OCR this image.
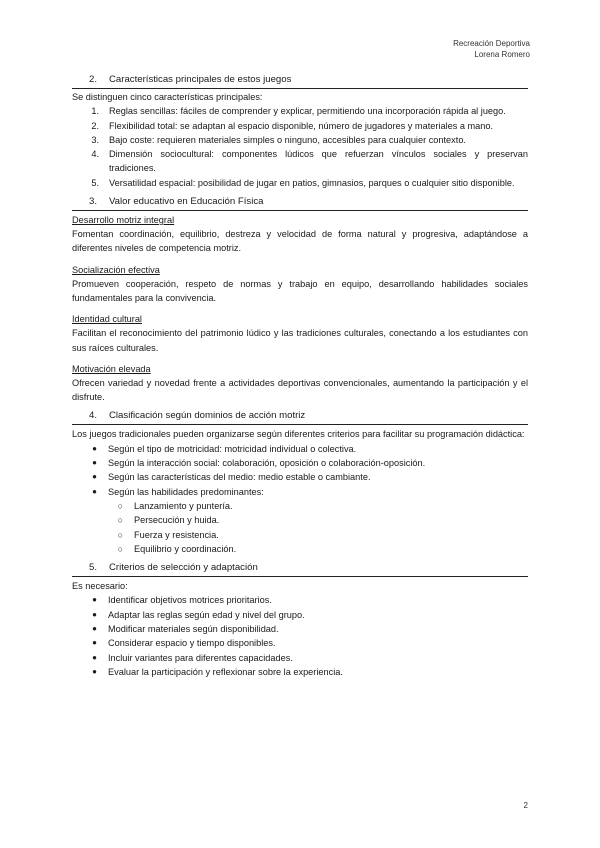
Recreación Deportiva
Lorena Romero
2. Características principales de estos juegos

Se distinguen cinco características principales:

1.	Reglas sencillas: fáciles de comprender y explicar, permitiendo una incorporación rápida al juego.
2.	Flexibilidad total: se adaptan al espacio disponible, número de jugadores y materiales a mano.
3.	Bajo coste: requieren materiales simples o ninguno, accesibles para cualquier contexto.
4.	Dimensión sociocultural: componentes lúdicos que refuerzan vínculos sociales y preservan tradiciones.
5.	Versatilidad espacial: posibilidad de jugar en patios, gimnasios, parques o cualquier sitio disponible.
3. Valor educativo en Educación Física
Desarrollo motriz integral

Fomentan coordinación, equilibrio, destreza y velocidad de forma natural y progresiva, adaptándose a diferentes niveles de competencia motriz.

Socialización efectiva

Promueven cooperación, respeto de normas y trabajo en equipo, desarrollando habilidades sociales fundamentales para la convivencia.

Identidad cultural

Facilitan el reconocimiento del patrimonio lúdico y las tradiciones culturales, conectando a los estudiantes con sus raíces culturales.

Motivación elevada

Ofrecen variedad y novedad frente a actividades deportivas convencionales, aumentando la participación y el disfrute.

4. Clasificación según dominios de acción motriz

Los juegos tradicionales pueden organizarse según diferentes criterios para facilitar su programación didáctica:

●	Según el tipo de motricidad: motricidad individual o colectiva.
●	Según la interacción social: colaboración, oposición o colaboración-oposición.
●	Según las características del medio: medio estable o cambiante.
●	Según las habilidades predominantes:
○	Lanzamiento y puntería.
○	Persecución y huida.
○	Fuerza y resistencia.
○	Equilibrio y coordinación.
5. Criterios de selección y adaptación

Es necesario:

●	Identificar objetivos motrices prioritarios.
●	Adaptar las reglas según edad y nivel del grupo.
●	Modificar materiales según disponibilidad.
●	Considerar espacio y tiempo disponibles.
●	Incluir variantes para diferentes capacidades.
●	Evaluar la participación y reflexionar sobre la experiencia.
2
